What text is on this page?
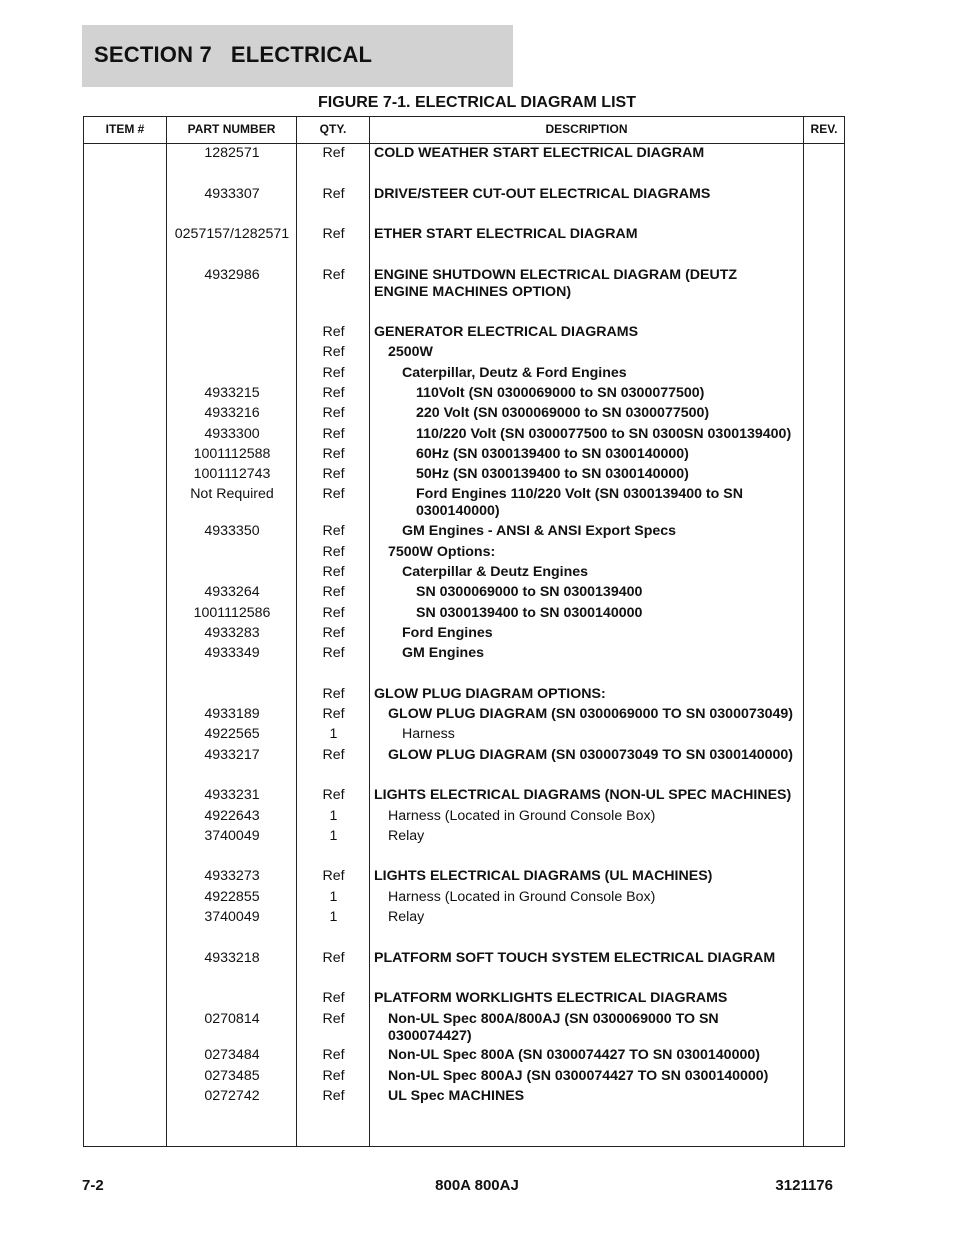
SECTION 7   ELECTRICAL
FIGURE 7-1. ELECTRICAL DIAGRAM LIST
ITEM #	PART NUMBER	QTY.	DESCRIPTION	REV.
1282571	Ref	COLD WEATHER START ELECTRICAL DIAGRAM
4933307	Ref	DRIVE/STEER CUT-OUT ELECTRICAL DIAGRAMS
0257157/1282571	Ref	ETHER START ELECTRICAL DIAGRAM
4932986	Ref	ENGINE SHUTDOWN ELECTRICAL DIAGRAM (DEUTZ ENGINE MACHINES OPTION)
Ref	GENERATOR ELECTRICAL DIAGRAMS
Ref	2500W
Ref	Caterpillar, Deutz & Ford Engines
4933215	Ref	110Volt (SN 0300069000 to SN 0300077500)
4933216	Ref	220 Volt (SN 0300069000 to SN 0300077500)
4933300	Ref	110/220 Volt (SN 0300077500 to SN 0300SN 0300139400)
1001112588	Ref	60Hz (SN 0300139400 to SN 0300140000)
1001112743	Ref	50Hz (SN 0300139400 to SN 0300140000)
Not Required	Ref	Ford Engines 110/220 Volt (SN 0300139400 to SN 0300140000)
4933350	Ref	GM Engines - ANSI & ANSI Export Specs
Ref	7500W Options:
Ref	Caterpillar & Deutz Engines
4933264	Ref	SN 0300069000 to SN 0300139400
1001112586	Ref	SN 0300139400 to SN 0300140000
4933283	Ref	Ford Engines
4933349	Ref	GM Engines
Ref	GLOW PLUG DIAGRAM OPTIONS:
4933189	Ref	GLOW PLUG DIAGRAM (SN 0300069000 TO SN 0300073049)
4922565	1	Harness
4933217	Ref	GLOW PLUG DIAGRAM (SN 0300073049 TO SN 0300140000)
4933231	Ref	LIGHTS ELECTRICAL DIAGRAMS (NON-UL SPEC MACHINES)
4922643	1	Harness (Located in Ground Console Box)
3740049	1	Relay
4933273	Ref	LIGHTS ELECTRICAL DIAGRAMS (UL MACHINES)
4922855	1	Harness (Located in Ground Console Box)
3740049	1	Relay
4933218	Ref	PLATFORM SOFT TOUCH SYSTEM ELECTRICAL DIAGRAM
Ref	PLATFORM WORKLIGHTS ELECTRICAL DIAGRAMS
0270814	Ref	Non-UL Spec 800A/800AJ (SN 0300069000 TO SN 0300074427)
0273484	Ref	Non-UL Spec 800A (SN 0300074427 TO SN 0300140000)
0273485	Ref	Non-UL Spec 800AJ (SN 0300074427 TO SN 0300140000)
0272742	Ref	UL Spec MACHINES
7-2	800A 800AJ	3121176
